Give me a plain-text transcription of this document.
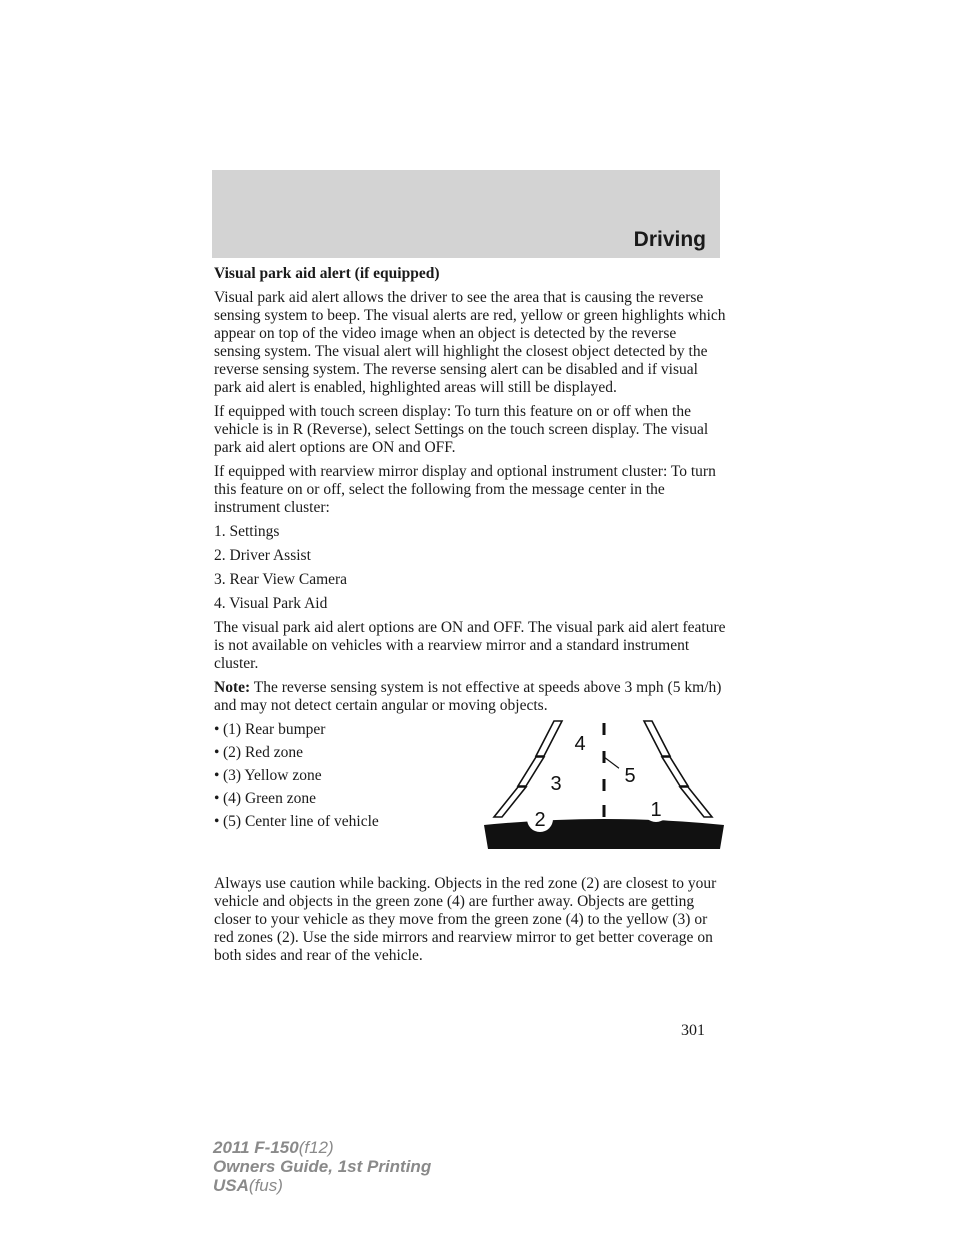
Driving

Visual park aid alert (if equipped)

Visual park aid alert allows the driver to see the area that is causing the reverse sensing system to beep. The visual alerts are red, yellow or green highlights which appear on top of the video image when an object is detected by the reverse sensing system. The visual alert will highlight the closest object detected by the reverse sensing system. The reverse sensing alert can be disabled and if visual park aid alert is enabled, highlighted areas will still be displayed.

If equipped with touch screen display: To turn this feature on or off when the vehicle is in R (Reverse), select Settings on the touch screen display. The visual park aid alert options are ON and OFF.

If equipped with rearview mirror display and optional instrument cluster: To turn this feature on or off, select the following from the message center in the instrument cluster:

1. Settings

2. Driver Assist

3. Rear View Camera

4. Visual Park Aid

The visual park aid alert options are ON and OFF. The visual park aid alert feature is not available on vehicles with a rearview mirror and a standard instrument cluster.

Note: The reverse sensing system is not effective at speeds above 3 mph (5 km/h) and may not detect certain angular or moving objects.

• (1) Rear bumper
• (2) Red zone
• (3) Yellow zone
• (4) Green zone
• (5) Center line of vehicle
4
5
3
2	1

Always use caution while backing. Objects in the red zone (2) are closest to your vehicle and objects in the green zone (4) are further away. Objects are getting closer to your vehicle as they move from the green zone (4) to the yellow (3) or red zones (2). Use the side mirrors and rearview mirror to get better coverage on both sides and rear of the vehicle.

301
2011 F-150(f12)
Owners Guide, 1st Printing
USA(fus)
